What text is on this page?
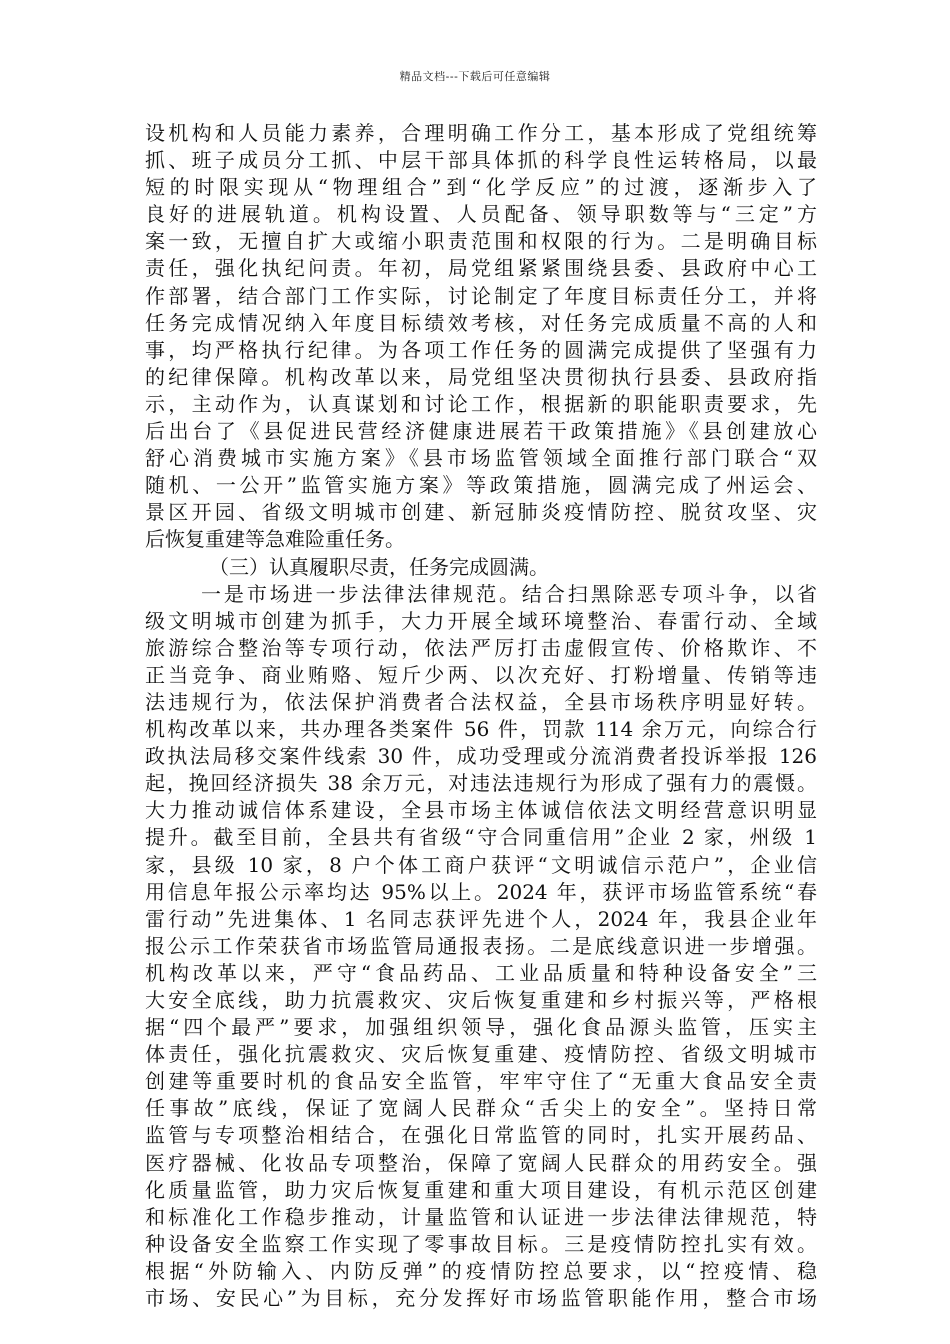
精品文档---下载后可任意编辑
设机构和人员能力素养，合理明确工作分工，基本形成了党组统筹
抓、班子成员分工抓、中层干部具体抓的科学良性运转格局，以最
短的时限实现从“物理组合”到“化学反应”的过渡，逐渐步入了
良好的进展轨道。机构设置、人员配备、领导职数等与“三定”方
案一致，无擅自扩大或缩小职责范围和权限的行为。二是明确目标
责任，强化执纪问责。年初，局党组紧紧围绕县委、县政府中心工
作部署，结合部门工作实际，讨论制定了年度目标责任分工，并将
任务完成情况纳入年度目标绩效考核，对任务完成质量不高的人和
事，均严格执行纪律。为各项工作任务的圆满完成提供了坚强有力
的纪律保障。机构改革以来，局党组坚决贯彻执行县委、县政府指
示，主动作为，认真谋划和讨论工作，根据新的职能职责要求，先
后出台了《县促进民营经济健康进展若干政策措施》《县创建放心
舒心消费城市实施方案》《县市场监管领域全面推行部门联合“双
随机、一公开”监管实施方案》等政策措施，圆满完成了州运会、
景区开园、省级文明城市创建、新冠肺炎疫情防控、脱贫攻坚、灾
后恢复重建等急难险重任务。
（三）认真履职尽责，任务完成圆满。
一是市场进一步法律法律规范。结合扫黑除恶专项斗争，以省
级文明城市创建为抓手，大力开展全域环境整治、春雷行动、全域
旅游综合整治等专项行动，依法严厉打击虚假宣传、价格欺诈、不
正当竞争、商业贿赂、短斤少两、以次充好、打粉增量、传销等违
法违规行为，依法保护消费者合法权益，全县市场秩序明显好转。
机构改革以来，共办理各类案件 56 件，罚款 114 余万元，向综合行
政执法局移交案件线索 30 件，成功受理或分流消费者投诉举报 126
起，挽回经济损失 38 余万元，对违法违规行为形成了强有力的震慑。
大力推动诚信体系建设，全县市场主体诚信依法文明经营意识明显
提升。截至目前，全县共有省级“守合同重信用”企业 2 家，州级 1
家，县级 10 家，8 户个体工商户获评“文明诚信示范户”，企业信
用信息年报公示率均达 95%以上。2024 年，获评市场监管系统“春
雷行动”先进集体、1 名同志获评先进个人，2024 年，我县企业年
报公示工作荣获省市场监管局通报表扬。二是底线意识进一步增强。
机构改革以来，严守“食品药品、工业品质量和特种设备安全”三
大安全底线，助力抗震救灾、灾后恢复重建和乡村振兴等，严格根
据“四个最严”要求，加强组织领导，强化食品源头监管，压实主
体责任，强化抗震救灾、灾后恢复重建、疫情防控、省级文明城市
创建等重要时机的食品安全监管，牢牢守住了“无重大食品安全责
任事故”底线，保证了宽阔人民群众“舌尖上的安全”。坚持日常
监管与专项整治相结合，在强化日常监管的同时，扎实开展药品、
医疗器械、化妆品专项整治，保障了宽阔人民群众的用药安全。强
化质量监管，助力灾后恢复重建和重大项目建设，有机示范区创建
和标准化工作稳步推动，计量监管和认证进一步法律法律规范，特
种设备安全监察工作实现了零事故目标。三是疫情防控扎实有效。
根据“外防输入、内防反弹”的疫情防控总要求，以“控疫情、稳
市场、安民心”为目标，充分发挥好市场监管职能作用，整合市场
